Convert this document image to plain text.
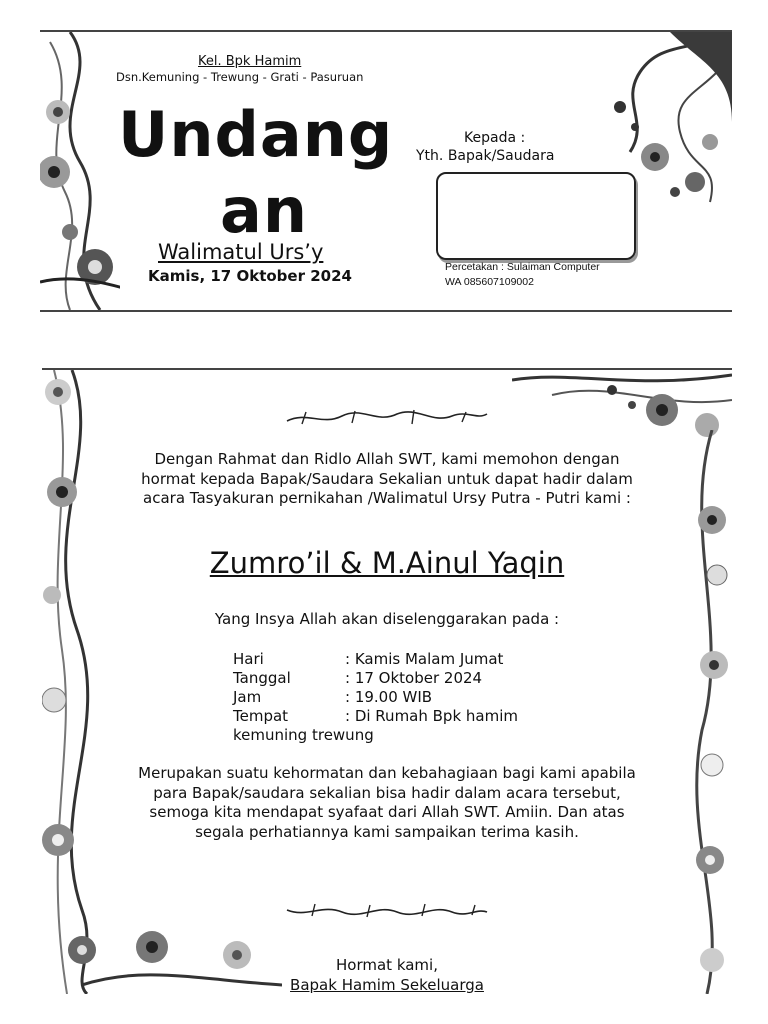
Kel. Bpk Hamim

Dsn.Kemuning - Trewung - Grati - Pasuruan

Undang

an

Walimatul Urs’y

Kamis, 17 Oktober 2024

Kepada :

Yth. Bapak/Saudara

Percetakan : Sulaiman Computer

WA 085607109002

Dengan Rahmat dan Ridlo Allah SWT, kami memohon dengan hormat kepada Bapak/Saudara Sekalian untuk dapat hadir dalam acara Tasyakuran pernikahan /Walimatul Ursy Putra - Putri kami :

Zumro’il & M.Ainul Yaqin

Yang Insya Allah akan diselenggarakan pada :

Hari	: Kamis Malam Jumat

Tanggal	: 17 Oktober 2024

Jam	: 19.00 WIB

Tempat	: Di Rumah Bpk hamim

kemuning trewung

Merupakan suatu kehormatan dan kebahagiaan bagi kami apabila para Bapak/saudara sekalian bisa hadir dalam acara tersebut, semoga kita mendapat syafaat dari Allah SWT. Amiin. Dan atas segala perhatiannya kami sampaikan terima kasih.

Hormat kami,

Bapak Hamim Sekeluarga
